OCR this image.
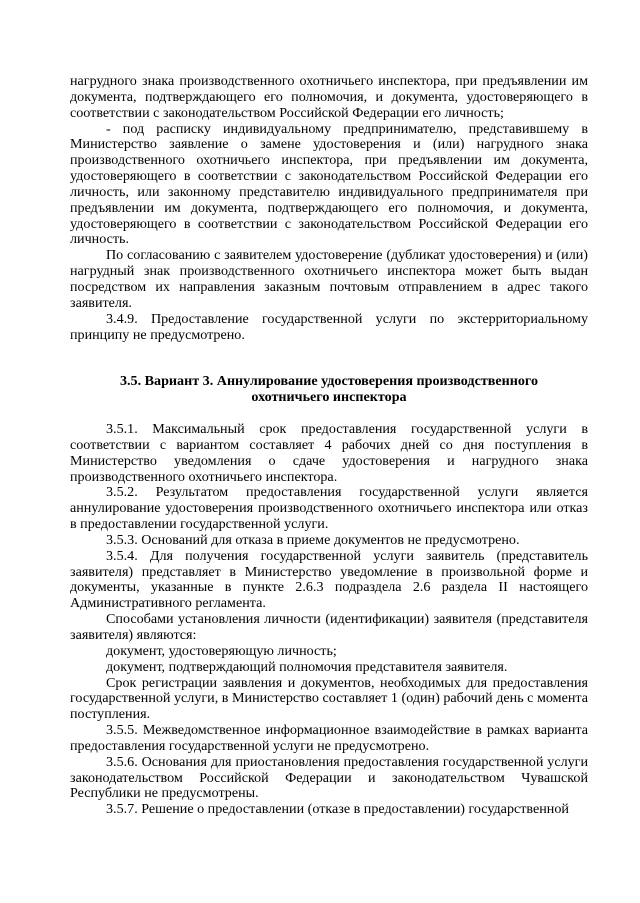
нагрудного знака производственного охотничьего инспектора, при предъявлении им документа, подтверждающего его полномочия, и документа, удостоверяющего в соответствии с законодательством Российской Федерации его личность;

- под расписку индивидуальному предпринимателю, представившему в Министерство заявление о замене удостоверения и (или) нагрудного знака производственного охотничьего инспектора, при предъявлении им документа, удостоверяющего в соответствии с законодательством Российской Федерации его личность, или законному представителю индивидуального предпринимателя при предъявлении им документа, подтверждающего его полномочия, и документа, удостоверяющего в соответствии с законодательством Российской Федерации его личность.

По согласованию с заявителем удостоверение (дубликат удостоверения) и (или) нагрудный знак производственного охотничьего инспектора может быть выдан посредством их направления заказным почтовым отправлением в адрес такого заявителя.

3.4.9. Предоставление государственной услуги по экстерриториальному принципу не предусмотрено.

3.5. Вариант 3. Аннулирование удостоверения производственного
охотничьего инспектора

3.5.1. Максимальный срок предоставления государственной услуги в соответствии с вариантом составляет 4 рабочих дней со дня поступления в Министерство уведомления о сдаче удостоверения и нагрудного знака производственного охотничьего инспектора.

3.5.2. Результатом предоставления государственной услуги является аннулирование удостоверения производственного охотничьего инспектора или отказ в предоставлении государственной услуги.

3.5.3. Оснований для отказа в приеме документов не предусмотрено.

3.5.4. Для получения государственной услуги заявитель (представитель заявителя) представляет в Министерство уведомление в произвольной форме и документы, указанные в пункте 2.6.3 подраздела 2.6 раздела II настоящего Административного регламента.

Способами установления личности (идентификации) заявителя (представителя заявителя) являются:

документ, удостоверяющую личность;

документ, подтверждающий полномочия представителя заявителя.

Срок регистрации заявления и документов, необходимых для предоставления государственной услуги, в Министерство составляет 1 (один) рабочий день с момента поступления.

3.5.5. Межведомственное информационное взаимодействие в рамках варианта предоставления государственной услуги не предусмотрено.

3.5.6. Основания для приостановления предоставления государственной услуги законодательством Российской Федерации и законодательством Чувашской Республики не предусмотрены.

3.5.7. Решение о предоставлении (отказе в предоставлении) государственной
